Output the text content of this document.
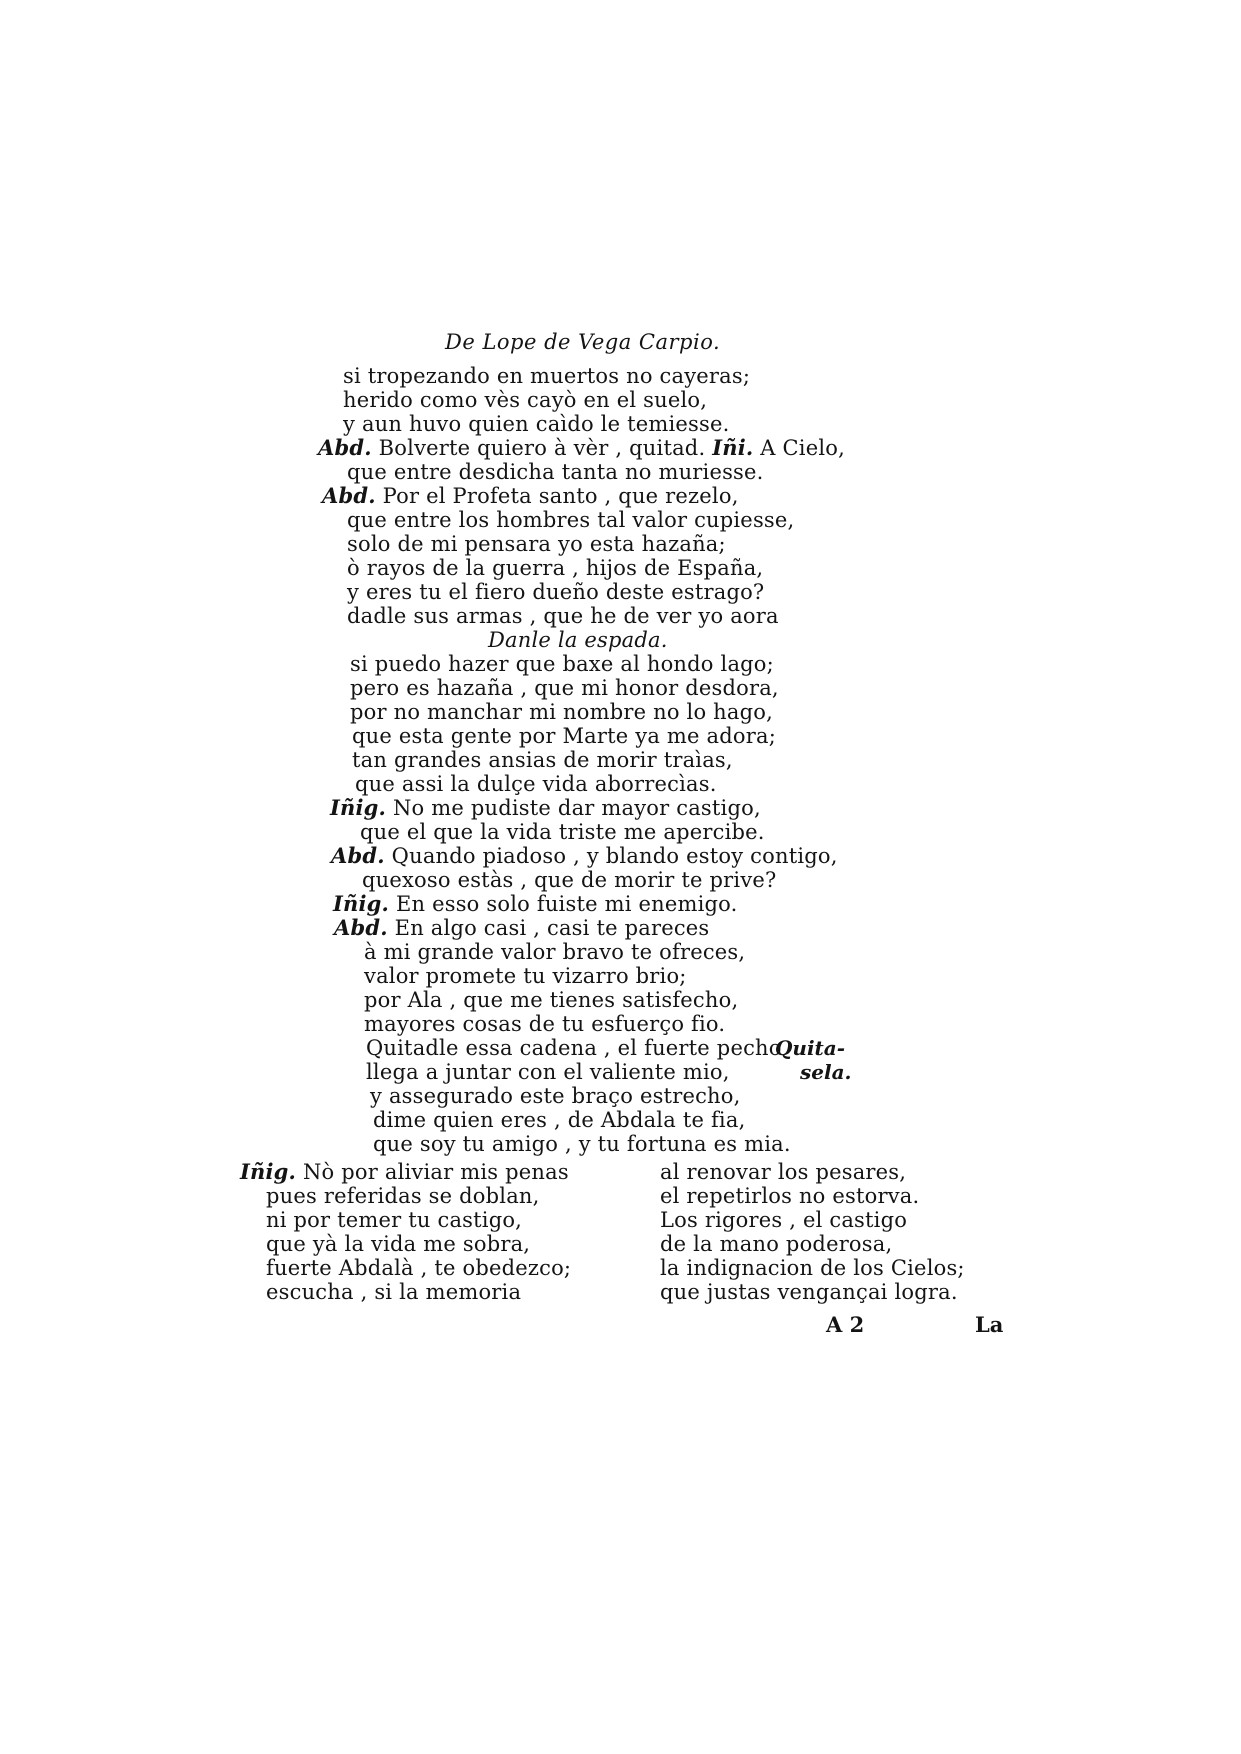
De Lope de Vega Carpio.
si tropezando en muertos no cayeras;
herido como vès cayò en el suelo,
y aun huvo quien caìdo le temiesse.
Abd. Bolverte quiero à vèr , quitad. Iñi. A Cielo,
que entre desdicha tanta no muriesse.
Abd. Por el Profeta santo , que rezelo,
que entre los hombres tal valor cupiesse,
solo de mi pensara yo esta hazaña;
ò rayos de la guerra , hijos de España,
y eres tu el fiero dueño deste estrago?
dadle sus armas , que he de ver yo aora
Danle la espada.
si puedo hazer que baxe al hondo lago;
pero es hazaña , que mi honor desdora,
por no manchar mi nombre no lo hago,
que esta gente por Marte ya me adora;
tan grandes ansias de morir traìas,
que assi la dulçe vida aborrecìas.
Iñig. No me pudiste dar mayor castigo,
que el que la vida triste me apercibe.
Abd. Quando piadoso , y blando estoy contigo,
quexoso estàs , que de morir te prive?
Iñig. En esso solo fuiste mi enemigo.
Abd. En algo casi , casi te pareces
à mi grande valor bravo te ofreces,
valor promete tu vizarro brio;
por Ala , que me tienes satisfecho,
mayores cosas de tu esfuerço fio.
Quitadle essa cadena , el fuerte pecho
llega a juntar con el valiente mio,
y assegurado este braço estrecho,
dime quien eres , de Abdala te fia,
que soy tu amigo , y tu fortuna es mia.
Quita-
sela.
Iñig. Nò por aliviar mis penas
pues referidas se doblan,
ni por temer tu castigo,
que yà la vida me sobra,
fuerte Abdalà , te obedezco;
escucha , si la memoria
al renovar los pesares,
el repetirlos no estorva.
Los rigores , el castigo
de la mano poderosa,
la indignacion de los Cielos;
que justas vengançai logra.
A 2	La
